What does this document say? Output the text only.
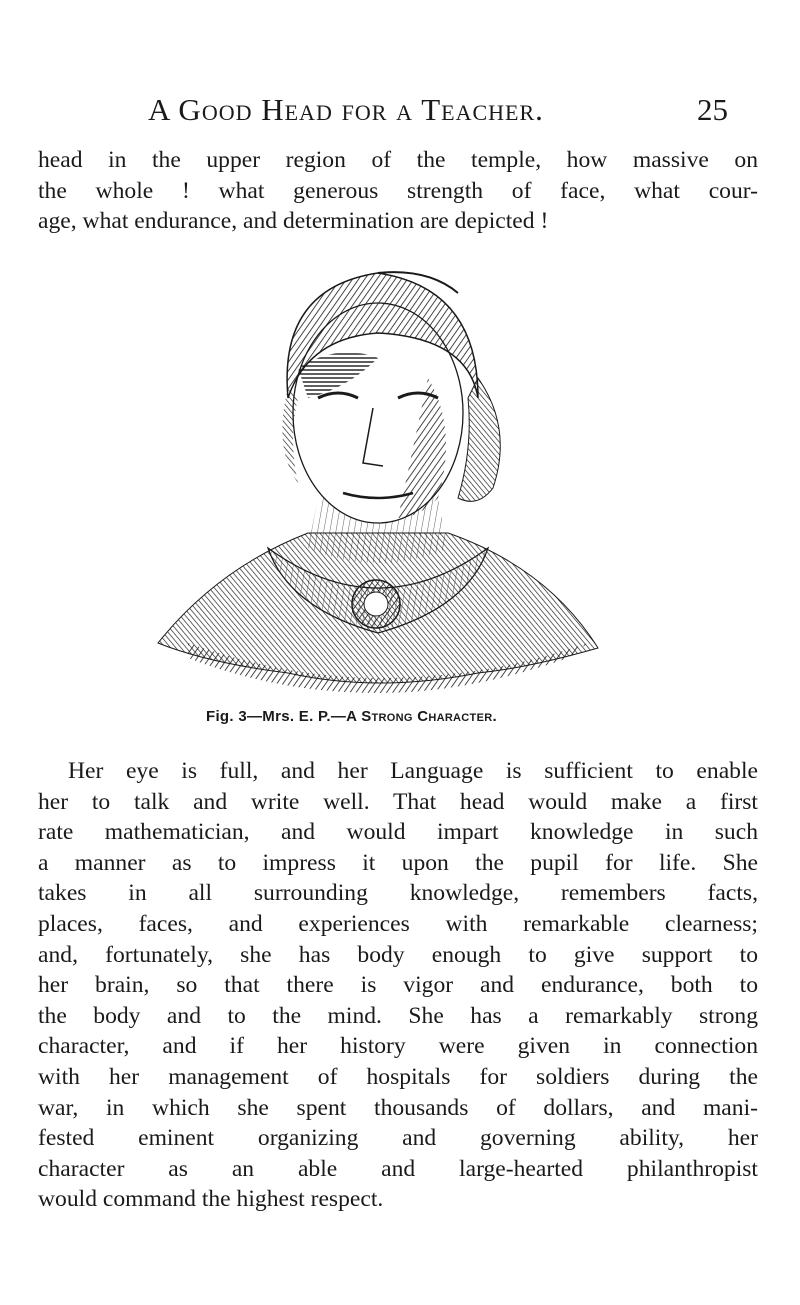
A Good Head for a Teacher.	25
head in the upper region of the temple, how massive on
the whole ! what generous strength of face, what cour-
age, what endurance, and determination are depicted !
Fig. 3—Mrs. E. P.—A Strong Character.
Her eye is full, and her Language is sufficient to enable
her to talk and write well. That head would make a first
rate mathematician, and would impart knowledge in such
a manner as to impress it upon the pupil for life. She
takes in all surrounding knowledge, remembers facts,
places, faces, and experiences with remarkable clearness;
and, fortunately, she has body enough to give support to
her brain, so that there is vigor and endurance, both to
the body and to the mind. She has a remarkably strong
character, and if her history were given in connection
with her management of hospitals for soldiers during the
war, in which she spent thousands of dollars, and mani-
fested eminent organizing and governing ability, her
character as an able and large-hearted philanthropist
would command the highest respect.
